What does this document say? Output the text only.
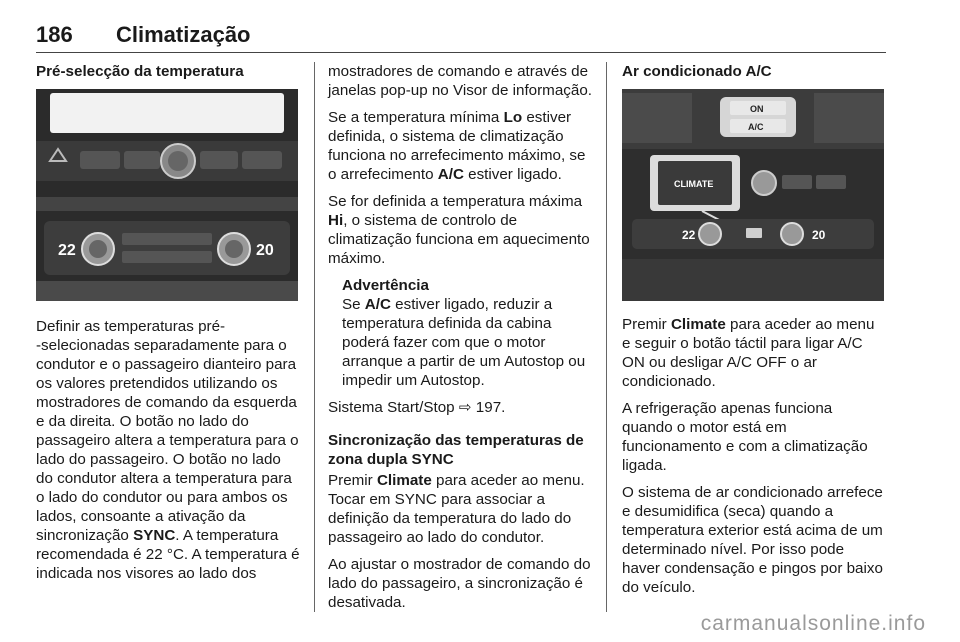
186 Climatização
Pré-selecção da temperatura
22	20

Definir as temperaturas pré-
-selecionadas separadamente para o condutor e o passageiro dianteiro para os valores pretendidos utilizando os mostradores de comando da esquerda e da direita. O botão no lado do passageiro altera a temperatura para o lado do passageiro. O botão no lado do condutor altera a temperatura para o lado do condutor ou para ambos os lados, consoante a ativação da sincronização SYNC. A temperatura recomendada é 22 °C. A temperatura é indicada nos visores ao lado dos

mostradores de comando e através de janelas pop-up no Visor de informação.

Se a temperatura mínima Lo estiver definida, o sistema de climatização funciona no arrefecimento máximo, se o arrefecimento A/C estiver ligado.

Se for definida a temperatura máxima Hi, o sistema de controlo de climatização funciona em aquecimento máximo.

Advertência
Se A/C estiver ligado, reduzir a temperatura definida da cabina poderá fazer com que o motor arranque a partir de um Autostop ou impedir um Autostop.

Sistema Start/Stop ⇨ 197.

Sincronização das temperaturas de zona dupla SYNC

Premir Climate para aceder ao menu. Tocar em SYNC para associar a definição da temperatura do lado do passageiro ao lado do condutor.

Ao ajustar o mostrador de comando do lado do passageiro, a sincronização é desativada.

Ar condicionado A/C
ON
A/C
CLIMATE
22	20

Premir Climate para aceder ao menu e seguir o botão táctil para ligar A/C ON ou desligar A/C OFF o ar condicionado.

A refrigeração apenas funciona quando o motor está em funcionamento e com a climatização ligada.

O sistema de ar condicionado arrefece e desumidifica (seca) quando a temperatura exterior está acima de um determinado nível. Por isso pode haver condensação e pingos por baixo do veículo.

carmanualsonline.info
